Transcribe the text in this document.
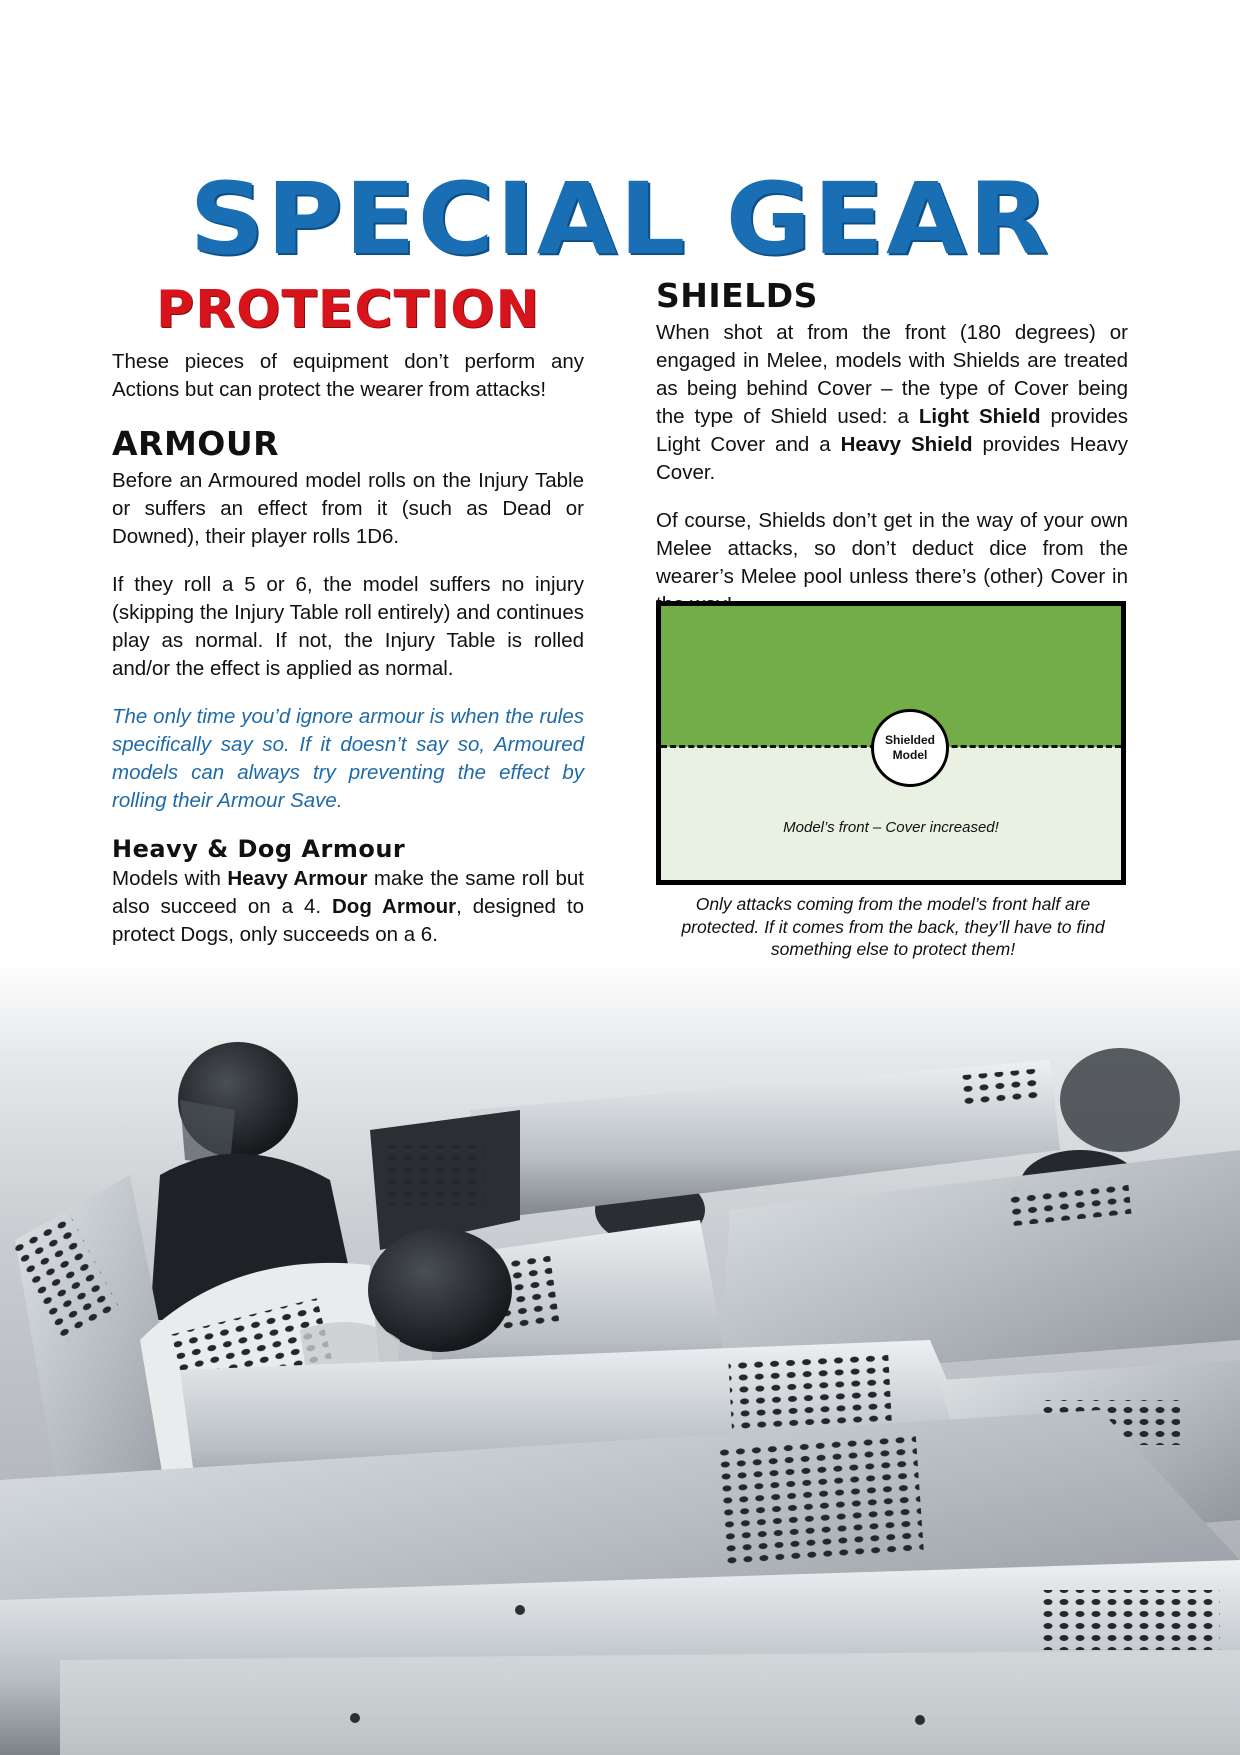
SPECIAL GEAR
PROTECTION

These pieces of equipment don’t perform any Actions but can protect the wearer from attacks!

ARMOUR

Before an Armoured model rolls on the Injury Table or suffers an effect from it (such as Dead or Downed), their player rolls 1D6.

If they roll a 5 or 6, the model suffers no injury (skipping the Injury Table roll entirely) and continues play as normal. If not, the Injury Table is rolled and/or the effect is applied as normal.

The only time you’d ignore armour is when the rules specifically say so. If it doesn’t say so, Armoured models can always try preventing the effect by rolling their Armour Save.

Heavy & Dog Armour

Models with Heavy Armour make the same roll but also succeed on a 4. Dog Armour, designed to protect Dogs, only succeeds on a 6.

SHIELDS

When shot at from the front (180 degrees) or engaged in Melee, models with Shields are treated as being behind Cover – the type of Cover being the type of Shield used: a Light Shield provides Light Cover and a Heavy Shield provides Heavy Cover.

Of course, Shields don’t get in the way of your own Melee attacks, so don’t deduct dice from the wearer’s Melee pool unless there’s (other) Cover in

Shielded
Model
Model’s front – Cover increased!
Only attacks coming from the model’s front half are protected. If it comes from the back, they’ll have to find something else to protect them!
